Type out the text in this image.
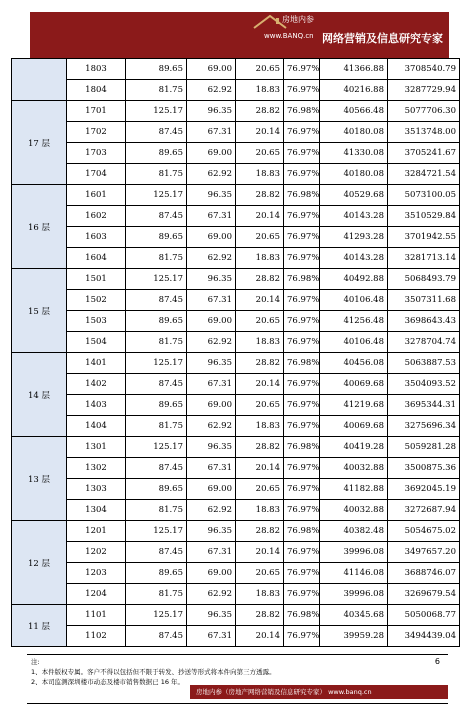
房地内参
www.BANQ.cn 网络营销及信息研究专家
	1803	89.65	69.00	20.65	76.97%	41366.88	3708540.79
	1804	81.75	62.92	18.83	76.97%	40216.88	3287729.94
17 层	1701	125.17	96.35	28.82	76.98%	40566.48	5077706.30
	1702	87.45	67.31	20.14	76.97%	40180.08	3513748.00
	1703	89.65	69.00	20.65	76.97%	41330.08	3705241.67
	1704	81.75	62.92	18.83	76.97%	40180.08	3284721.54
16 层	1601	125.17	96.35	28.82	76.98%	40529.68	5073100.05
	1602	87.45	67.31	20.14	76.97%	40143.28	3510529.84
	1603	89.65	69.00	20.65	76.97%	41293.28	3701942.55
	1604	81.75	62.92	18.83	76.97%	40143.28	3281713.14
15 层	1501	125.17	96.35	28.82	76.98%	40492.88	5068493.79
	1502	87.45	67.31	20.14	76.97%	40106.48	3507311.68
	1503	89.65	69.00	20.65	76.97%	41256.48	3698643.43
	1504	81.75	62.92	18.83	76.97%	40106.48	3278704.74
14 层	1401	125.17	96.35	28.82	76.98%	40456.08	5063887.53
	1402	87.45	67.31	20.14	76.97%	40069.68	3504093.52
	1403	89.65	69.00	20.65	76.97%	41219.68	3695344.31
	1404	81.75	62.92	18.83	76.97%	40069.68	3275696.34
13 层	1301	125.17	96.35	28.82	76.98%	40419.28	5059281.28
	1302	87.45	67.31	20.14	76.97%	40032.88	3500875.36
	1303	89.65	69.00	20.65	76.97%	41182.88	3692045.19
	1304	81.75	62.92	18.83	76.97%	40032.88	3272687.94
12 层	1201	125.17	96.35	28.82	76.98%	40382.48	5054675.02
	1202	87.45	67.31	20.14	76.97%	39996.08	3497657.20
	1203	89.65	69.00	20.65	76.97%	41146.08	3688746.07
	1204	81.75	62.92	18.83	76.97%	39996.08	3269679.54
11 层	1101	125.17	96.35	28.82	76.98%	40345.68	5050068.77
	1102	87.45	67.31	20.14	76.97%	39959.28	3494439.04
注:
1、本件版权专属。客户不得以包括但不限于转发、抄送等形式将本件向第三方透露。
2、本司监测深圳楼市动态及楼市销售数据已 16 年。
6
房地内参（房地产网络营销及信息研究专家） www.banq.cn
